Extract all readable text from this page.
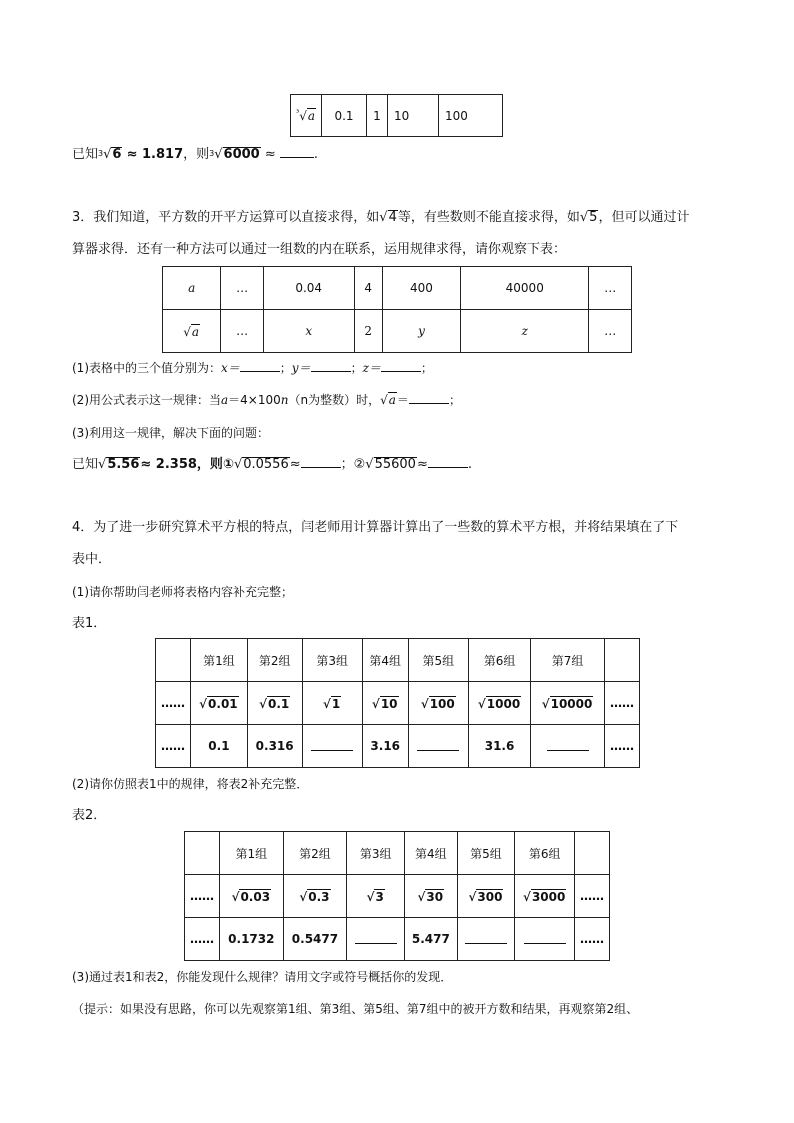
$^{^3}$√a	0.1	1	10	100
已知$^3$√6 ≈ 1.817，则$^3$√6000 ≈	.
3．我们知道，平方数的开平方运算可以直接求得，如√4等，有些数则不能直接求得，如√5，但可以通过计
算器求得．还有一种方法可以通过一组数的内在联系，运用规律求得，请你观察下表：
a	…	0.04	4	400	40000	…
√a	…	x	2	y	z	…
(1)表格中的三个值分别为：x＝	；y＝	；z＝	；
(2)用公式表示这一规律：当a＝4×100n（n为整数）时，√a＝	；
(3)利用这一规律，解决下面的问题：
已知√5.56≈ 2.358，则①√0.0556≈	；②√55600≈	.
4．为了进一步研究算术平方根的特点，闫老师用计算器计算出了一些数的算术平方根，并将结果填在了下
表中．
(1)请你帮助闫老师将表格内容补充完整；
表1．
	第1组	第2组	第3组	第4组	第5组	第6组	第7组	
……	√0.01	√0.1	√1	√10	√100	√1000	√10000	……
……	0.1	0.316		3.16		31.6		……
(2)请你仿照表1中的规律，将表2补充完整．
表2．
	第1组	第2组	第3组	第4组	第5组	第6组	
……	√0.03	√0.3	√3	√30	√300	√3000	……
……	0.1732	0.5477		5.477			……
(3)通过表1和表2，你能发现什么规律？请用文字或符号概括你的发现．
（提示：如果没有思路，你可以先观察第1组、第3组、第5组、第7组中的被开方数和结果，再观察第2组、
